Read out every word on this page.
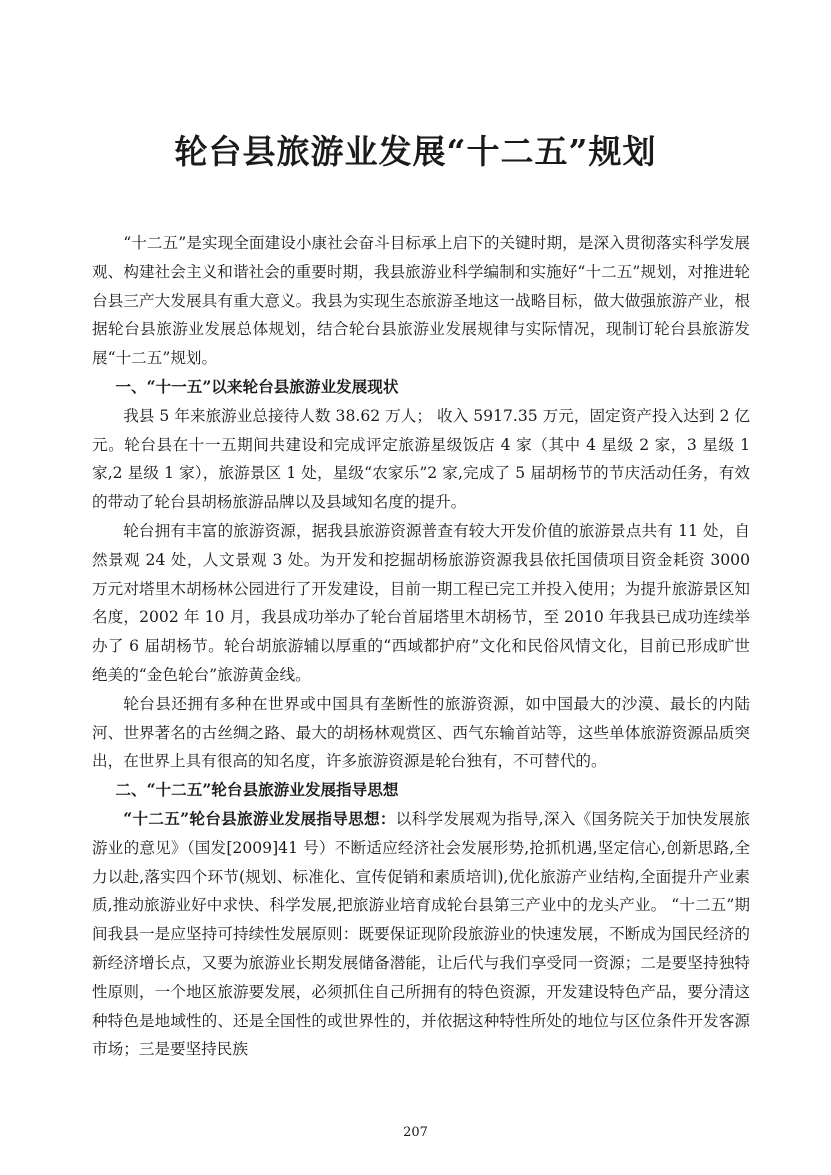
轮台县旅游业发展“十二五”规划

“十二五”是实现全面建设小康社会奋斗目标承上启下的关键时期，是深入贯彻落实科学发展观、构建社会主义和谐社会的重要时期，我县旅游业科学编制和实施好“十二五”规划，对推进轮台县三产大发展具有重大意义。我县为实现生态旅游圣地这一战略目标，做大做强旅游产业，根据轮台县旅游业发展总体规划，结合轮台县旅游业发展规律与实际情况，现制订轮台县旅游发展“十二五”规划。

一、“十一五”以来轮台县旅游业发展现状

我县 5 年来旅游业总接待人数 38.62 万人； 收入 5917.35 万元，固定资产投入达到 2 亿元。轮台县在十一五期间共建设和完成评定旅游星级饭店 4 家（其中 4 星级 2 家，3 星级 1 家,2 星级 1 家），旅游景区 1 处，星级“农家乐”2 家,完成了 5 届胡杨节的节庆活动任务，有效的带动了轮台县胡杨旅游品牌以及县域知名度的提升。

轮台拥有丰富的旅游资源，据我县旅游资源普查有较大开发价值的旅游景点共有 11 处，自然景观 24 处，人文景观 3 处。为开发和挖掘胡杨旅游资源我县依托国债项目资金耗资 3000 万元对塔里木胡杨林公园进行了开发建设，目前一期工程已完工并投入使用；为提升旅游景区知名度，2002 年 10 月，我县成功举办了轮台首届塔里木胡杨节，至 2010 年我县已成功连续举办了 6 届胡杨节。轮台胡旅游辅以厚重的“西域都护府”文化和民俗风情文化，目前已形成旷世绝美的“金色轮台”旅游黄金线。

轮台县还拥有多种在世界或中国具有垄断性的旅游资源，如中国最大的沙漠、最长的内陆河、世界著名的古丝绸之路、最大的胡杨林观赏区、西气东输首站等，这些单体旅游资源品质突出，在世界上具有很高的知名度，许多旅游资源是轮台独有，不可替代的。

二、“十二五”轮台县旅游业发展指导思想

“十二五”轮台县旅游业发展指导思想：以科学发展观为指导,深入《国务院关于加快发展旅游业的意见》（国发[2009]41 号）不断适应经济社会发展形势,抢抓机遇,坚定信心,创新思路,全力以赴,落实四个环节(规划、标准化、宣传促销和素质培训),优化旅游产业结构,全面提升产业素质,推动旅游业好中求快、科学发展,把旅游业培育成轮台县第三产业中的龙头产业。 “十二五”期间我县一是应坚持可持续性发展原则：既要保证现阶段旅游业的快速发展，不断成为国民经济的新经济增长点，又要为旅游业长期发展储备潜能，让后代与我们享受同一资源；二是要坚持独特性原则，一个地区旅游要发展，必须抓住自己所拥有的特色资源，开发建设特色产品，要分清这种特色是地域性的、还是全国性的或世界性的，并依据这种特性所处的地位与区位条件开发客源市场；三是要坚持民族

207
